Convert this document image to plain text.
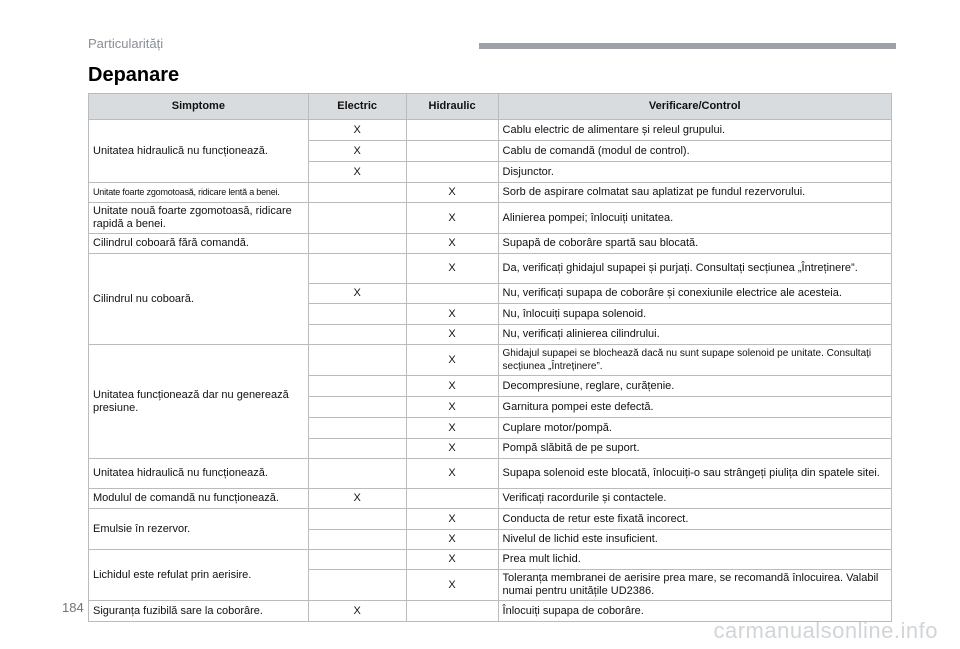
Particularități
Depanare
Simptome	Electric	Hidraulic	Verificare/Control
Unitatea hidraulică nu funcționează.	X		Cablu electric de alimentare și releul grupului.
	X		Cablu de comandă (modul de control).
	X		Disjunctor.
Unitate foarte zgomotoasă, ridicare lentă a benei.		X	Sorb de aspirare colmatat sau aplatizat pe fundul rezervorului.
Unitate nouă foarte zgomotoasă, ridicare rapidă a benei.		X	Alinierea pompei; înlocuiți unitatea.
Cilindrul coboară fără comandă.		X	Supapă de coborâre spartă sau blocată.
Cilindrul nu coboară.		X	Da, verificați ghidajul supapei și purjați. Consultați secțiunea „Întreținere”.
	X		Nu, verificați supapa de coborâre și conexiunile electrice ale acesteia.
		X	Nu, înlocuiți supapa solenoid.
		X	Nu, verificați alinierea cilindrului.
Unitatea funcționează dar nu generează presiune.		X	Ghidajul supapei se blochează dacă nu sunt supape solenoid pe unitate. Consultați secțiunea „Întreținere”.
		X	Decompresiune, reglare, curățenie.
		X	Garnitura pompei este defectă.
		X	Cuplare motor/pompă.
		X	Pompă slăbită de pe suport.
Unitatea hidraulică nu funcționează.		X	Supapa solenoid este blocată, înlocuiți-o sau strângeți piulița din spatele sitei.
Modulul de comandă nu funcționează.	X		Verificați racordurile și contactele.
Emulsie în rezervor.		X	Conducta de retur este fixată incorect.
		X	Nivelul de lichid este insuficient.
Lichidul este refulat prin aerisire.		X	Prea mult lichid.
		X	Toleranța membranei de aerisire prea mare, se recomandă înlocuirea. Valabil numai pentru unitățile UD2386.
Siguranța fuzibilă sare la coborâre.	X		Înlocuiți supapa de coborâre.
184
carmanualsonline.info
